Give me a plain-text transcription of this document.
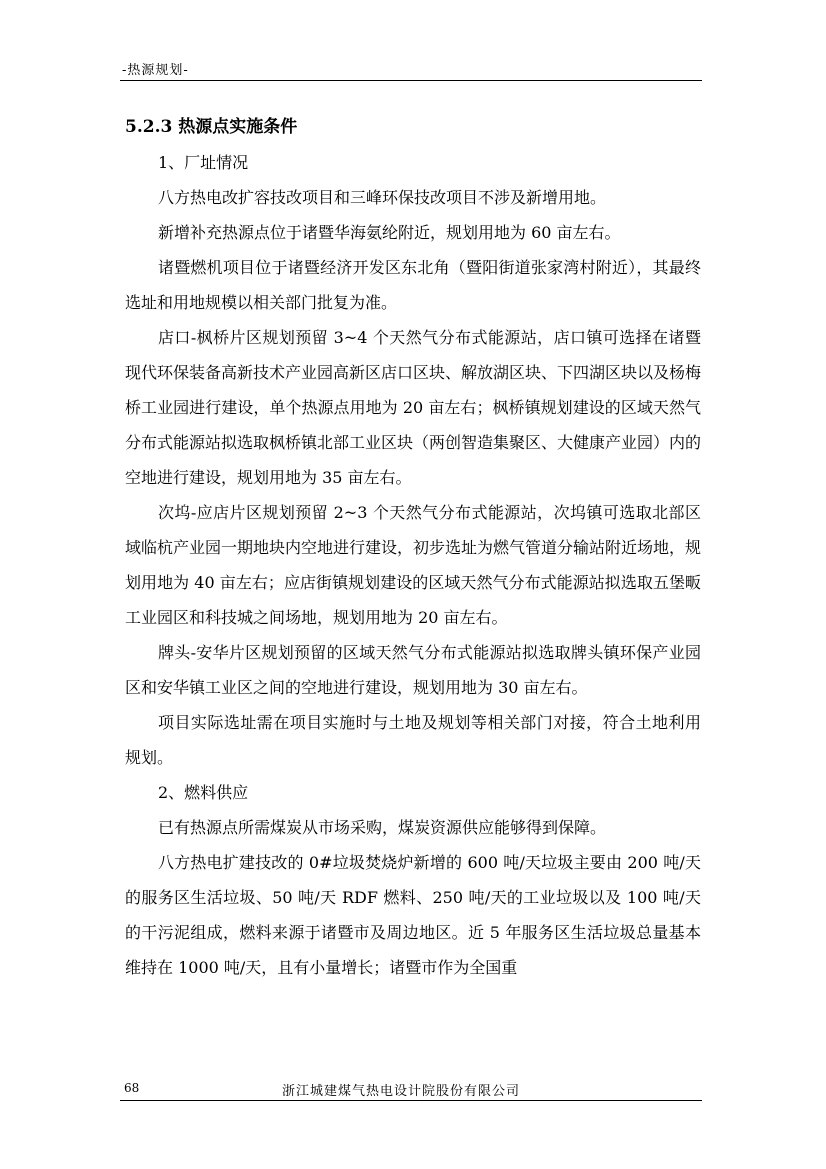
-热源规划-
5.2.3 热源点实施条件

1、厂址情况

八方热电改扩容技改项目和三峰环保技改项目不涉及新增用地。

新增补充热源点位于诸暨华海氨纶附近，规划用地为 60 亩左右。

诸暨燃机项目位于诸暨经济开发区东北角（暨阳街道张家湾村附近），其最终选址和用地规模以相关部门批复为准。

店口-枫桥片区规划预留 3~4 个天然气分布式能源站，店口镇可选择在诸暨现代环保装备高新技术产业园高新区店口区块、解放湖区块、下四湖区块以及杨梅桥工业园进行建设，单个热源点用地为 20 亩左右；枫桥镇规划建设的区域天然气分布式能源站拟选取枫桥镇北部工业区块（两创智造集聚区、大健康产业园）内的空地进行建设，规划用地为 35 亩左右。

次坞-应店片区规划预留 2~3 个天然气分布式能源站，次坞镇可选取北部区域临杭产业园一期地块内空地进行建设，初步选址为燃气管道分输站附近场地，规划用地为 40 亩左右；应店街镇规划建设的区域天然气分布式能源站拟选取五堡畈工业园区和科技城之间场地，规划用地为 20 亩左右。

牌头-安华片区规划预留的区域天然气分布式能源站拟选取牌头镇环保产业园区和安华镇工业区之间的空地进行建设，规划用地为 30 亩左右。

项目实际选址需在项目实施时与土地及规划等相关部门对接，符合土地利用规划。

2、燃料供应

已有热源点所需煤炭从市场采购，煤炭资源供应能够得到保障。

八方热电扩建技改的 0#垃圾焚烧炉新增的 600 吨/天垃圾主要由 200 吨/天的服务区生活垃圾、50 吨/天 RDF 燃料、250 吨/天的工业垃圾以及 100 吨/天的干污泥组成，燃料来源于诸暨市及周边地区。近 5 年服务区生活垃圾总量基本维持在 1000 吨/天，且有小量增长；诸暨市作为全国重

68	浙江城建煤气热电设计院股份有限公司
